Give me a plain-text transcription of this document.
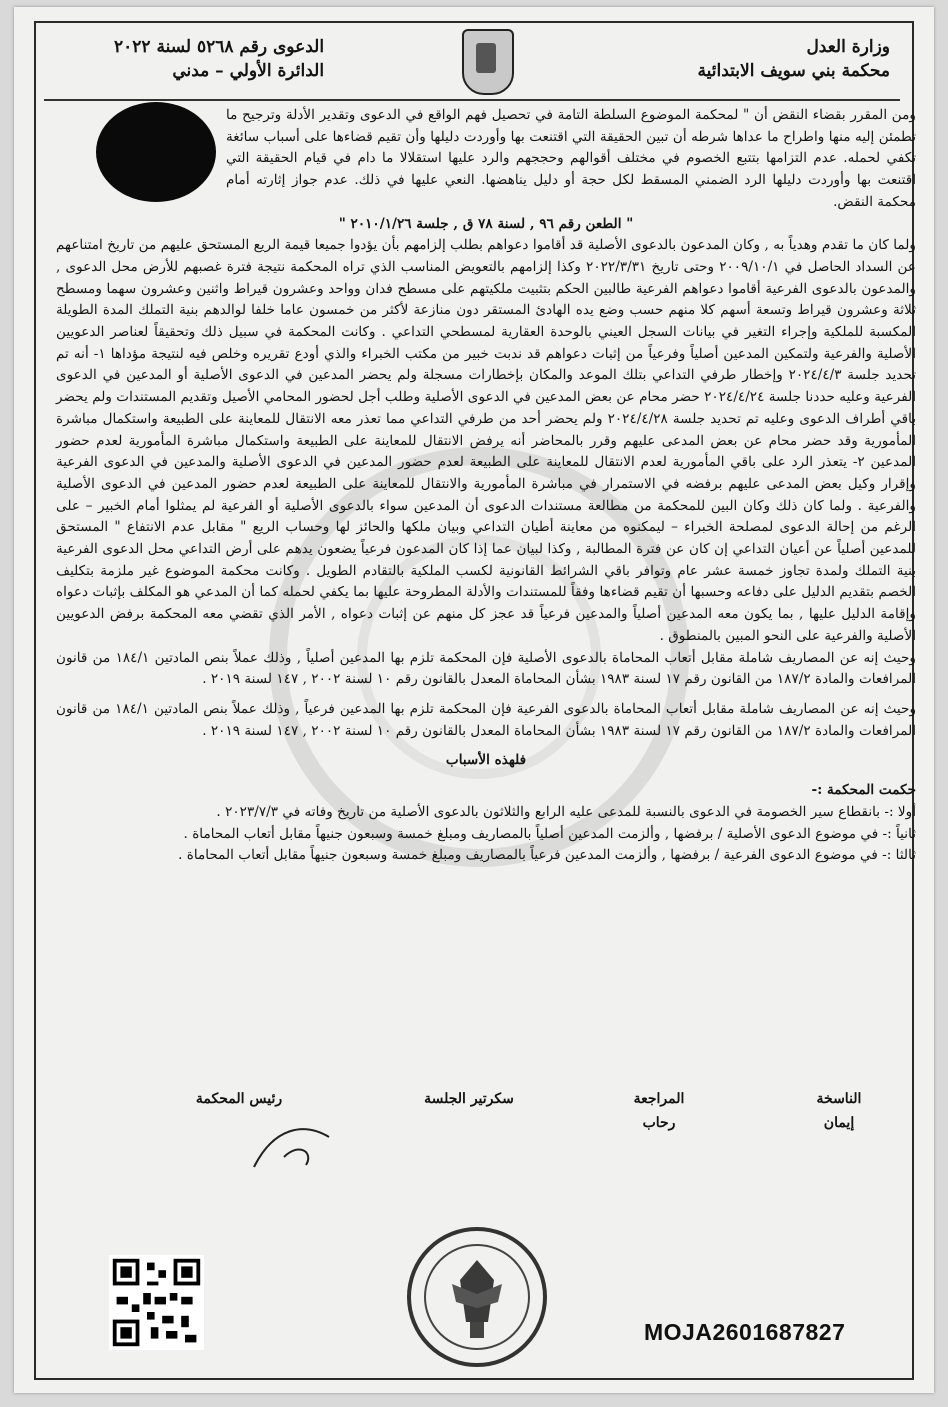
وزارة العدل
محكمة بني سويف الابتدائية
الدعوى رقم ٥٢٦٨ لسنة ٢٠٢٢
الدائرة الأولي – مدني

ومن المقرر بقضاء النقض أن " لمحكمة الموضوع السلطة التامة في تحصيل فهم الواقع في الدعوى وتقدير الأدلة وترجيح ما تطمئن إليه منها واطراح ما عداها شرطه أن تبين الحقيقة التي اقتنعت بها وأوردت دليلها وأن تقيم قضاءها على أسباب سائغة تكفي لحمله. عدم التزامها بتتبع الخصوم في مختلف أقوالهم وحججهم والرد عليها استقلالا ما دام في قيام الحقيقة التي اقتنعت بها وأوردت دليلها الرد الضمني المسقط لكل حجة أو دليل يناهضها. النعي عليها في ذلك. عدم جواز إثارته أمام محكمة النقض.

" الطعن رقم ٩٦ , لسنة ٧٨ ق , جلسة ٢٠١٠/١/٢٦ "

ولما كان ما تقدم وهدياً به , وكان المدعون بالدعوى الأصلية قد أقاموا دعواهم بطلب إلزامهم بأن يؤدوا جميعا قيمة الريع المستحق عليهم من تاريخ امتناعهم عن السداد الحاصل في ٢٠٠٩/١٠/١ وحتى تاريخ ٢٠٢٢/٣/٣١ وكذا إلزامهم بالتعويض المناسب الذي تراه المحكمة نتيجة فترة غصبهم للأرض محل الدعوى , والمدعون بالدعوى الفرعية أقاموا دعواهم الفرعية طالبين الحكم بتثبيت ملكيتهم على مسطح فدان وواحد وعشرون قيراط واثنين وعشرون سهما ومسطح ثلاثة وعشرون قيراط وتسعة أسهم كلا منهم حسب وضع يده الهادئ المستقر دون منازعة لأكثر من خمسون عاما خلفا لوالدهم بنية التملك المدة الطويلة المكسبة للملكية وإجراء التغير في بيانات السجل العيني بالوحدة العقارية لمسطحي التداعي . وكانت المحكمة في سبيل ذلك وتحقيقاً لعناصر الدعويين الأصلية والفرعية ولتمكين المدعين أصلياً وفرعياً من إثبات دعواهم قد ندبت خبير من مكتب الخبراء والذي أودع تقريره وخلص فيه لنتيجة مؤداها ١- أنه تم تحديد جلسة ٢٠٢٤/٤/٣ وإخطار طرفي التداعي بتلك الموعد والمكان بإخطارات مسجلة ولم يحضر المدعين في الدعوى الأصلية أو المدعين في الدعوى الفرعية وعليه حددنا جلسة ٢٠٢٤/٤/٢٤ حضر محام عن بعض المدعين في الدعوى الأصلية وطلب أجل لحضور المحامي الأصيل وتقديم المستندات ولم يحضر باقي أطراف الدعوى وعليه تم تحديد جلسة ٢٠٢٤/٤/٢٨ ولم يحضر أحد من طرفي التداعي مما تعذر معه الانتقال للمعاينة على الطبيعة واستكمال مباشرة المأمورية وقد حضر محام عن بعض المدعى عليهم وقرر بالمحاضر أنه يرفض الانتقال للمعاينة على الطبيعة واستكمال مباشرة المأمورية لعدم حضور المدعين ٢- يتعذر الرد على باقي المأمورية لعدم الانتقال للمعاينة على الطبيعة لعدم حضور المدعين في الدعوى الأصلية والمدعين في الدعوى الفرعية وإقرار وكيل بعض المدعى عليهم برفضه في الاستمرار في مباشرة المأمورية والانتقال للمعاينة على الطبيعة لعدم حضور المدعين في الدعوى الأصلية والفرعية . ولما كان ذلك وكان البين للمحكمة من مطالعة مستندات الدعوى أن المدعين سواء بالدعوى الأصلية أو الفرعية لم يمثلوا أمام الخبير – على الرغم من إحالة الدعوى لمصلحة الخبراء – ليمكنوه من معاينة أطيان التداعي وبيان ملكها والحائز لها وحساب الريع " مقابل عدم الانتفاع " المستحق للمدعين أصلياً عن أعيان التداعي إن كان عن فترة المطالبة , وكذا لبيان عما إذا كان المدعون فرعياً يضعون يدهم على أرض التداعي محل الدعوى الفرعية بنية التملك ولمدة تجاوز خمسة عشر عام وتوافر باقي الشرائط القانونية لكسب الملكية بالتقادم الطويل . وكانت محكمة الموضوع غير ملزمة بتكليف الخصم بتقديم الدليل على دفاعه وحسبها أن تقيم قضاءها وفقاً للمستندات والأدلة المطروحة عليها بما يكفي لحمله كما أن المدعي هو المكلف بإثبات دعواه وإقامة الدليل عليها , بما يكون معه المدعين أصلياً والمدعين فرعياً قد عجز كل منهم عن إثبات دعواه , الأمر الذي تقضي معه المحكمة برفض الدعويين الأصلية والفرعية على النحو المبين بالمنطوق .

وحيث إنه عن المصاريف شاملة مقابل أتعاب المحاماة بالدعوى الأصلية فإن المحكمة تلزم بها المدعين أصلياً , وذلك عملاً بنص المادتين ١٨٤/١ من قانون المرافعات والمادة ١٨٧/٢ من القانون رقم ١٧ لسنة ١٩٨٣ بشأن المحاماة المعدل بالقانون رقم ١٠ لسنة ٢٠٠٢ , ١٤٧ لسنة ٢٠١٩ .

وحيث إنه عن المصاريف شاملة مقابل أتعاب المحاماة بالدعوى الفرعية فإن المحكمة تلزم بها المدعين فرعياً , وذلك عملاً بنص المادتين ١٨٤/١ من قانون المرافعات والمادة ١٨٧/٢ من القانون رقم ١٧ لسنة ١٩٨٣ بشأن المحاماة المعدل بالقانون رقم ١٠ لسنة ٢٠٠٢ , ١٤٧ لسنة ٢٠١٩ .

فلهذه الأسباب

حكمت المحكمة :-

أولا :- بانقطاع سير الخصومة في الدعوى بالنسبة للمدعى عليه الرابع والثلاثون بالدعوى الأصلية من تاريخ وفاته في ٢٠٢٣/٧/٣ .

ثانياً :- في موضوع الدعوى الأصلية / برفضها , وألزمت المدعين أصلياً بالمصاريف ومبلغ خمسة وسبعون جنيهاً مقابل أتعاب المحاماة .

ثالثا :- في موضوع الدعوى الفرعية / برفضها , وألزمت المدعين فرعياً بالمصاريف ومبلغ خمسة وسبعون جنيهاً مقابل أتعاب المحاماة .

الناسخة
إيمان
المراجعة
رحاب
سكرتير الجلسة
رئيس المحكمة
MOJA2601687827
